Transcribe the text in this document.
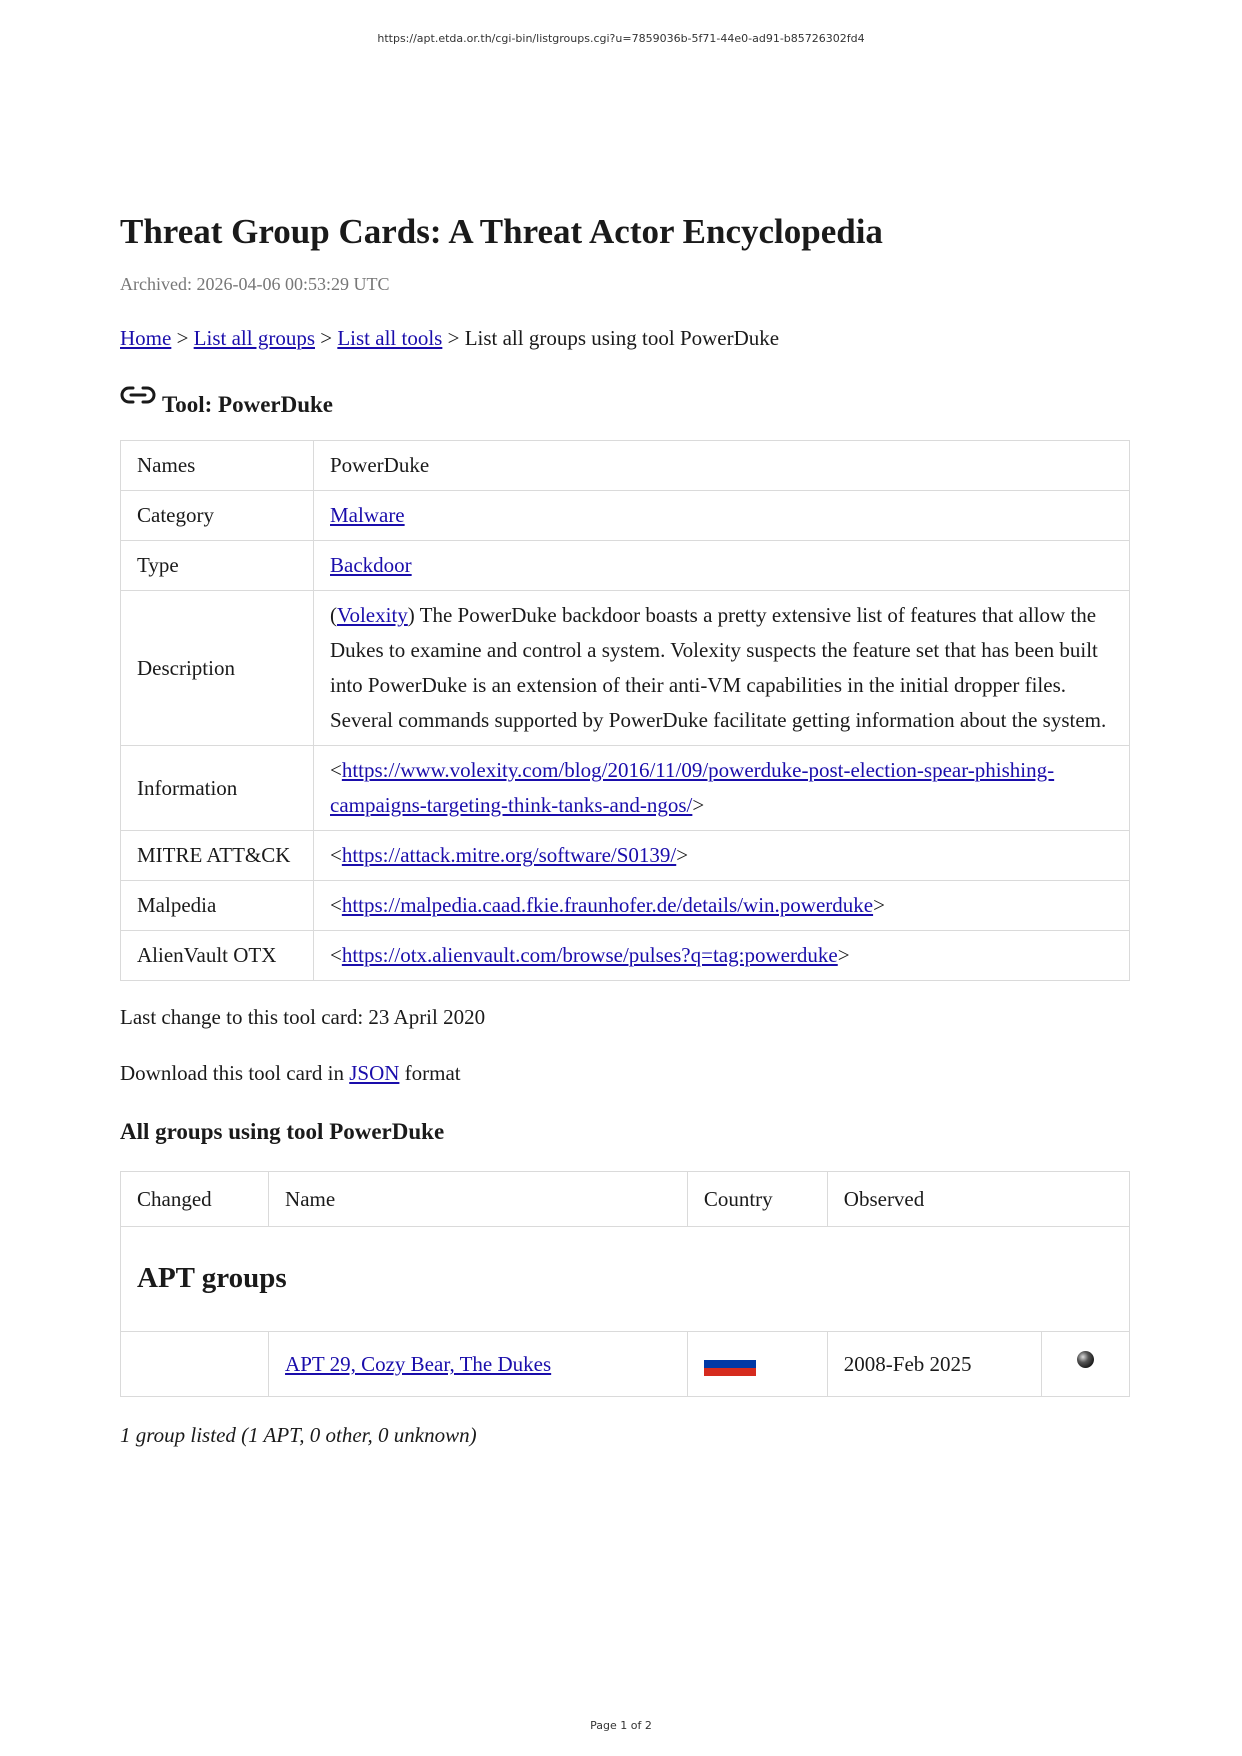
https://apt.etda.or.th/cgi-bin/listgroups.cgi?u=7859036b-5f71-44e0-ad91-b85726302fd4
Threat Group Cards: A Threat Actor Encyclopedia
Archived: 2026-04-06 00:53:29 UTC
Home > List all groups > List all tools > List all groups using tool PowerDuke
Tool: PowerDuke
Names	PowerDuke
Category	Malware
Type	Backdoor
Description	(Volexity) The PowerDuke backdoor boasts a pretty extensive list of features that allow the Dukes to examine and control a system. Volexity suspects the feature set that has been built into PowerDuke is an extension of their anti-VM capabilities in the initial dropper files. Several commands supported by PowerDuke facilitate getting information about the system.
Information	<https://www.volexity.com/blog/2016/11/09/powerduke-post-election-spear-phishing-campaigns-targeting-think-tanks-and-ngos/>
MITRE ATT&CK	<https://attack.mitre.org/software/S0139/>
Malpedia	<https://malpedia.caad.fkie.fraunhofer.de/details/win.powerduke>
AlienVault OTX	<https://otx.alienvault.com/browse/pulses?q=tag:powerduke>
Last change to this tool card: 23 April 2020
Download this tool card in JSON format
All groups using tool PowerDuke
Changed	Name	Country	Observed	
APT groups				
	APT 29, Cozy Bear, The Dukes		2008-Feb 2025	
1 group listed (1 APT, 0 other, 0 unknown)
Page 1 of 2
